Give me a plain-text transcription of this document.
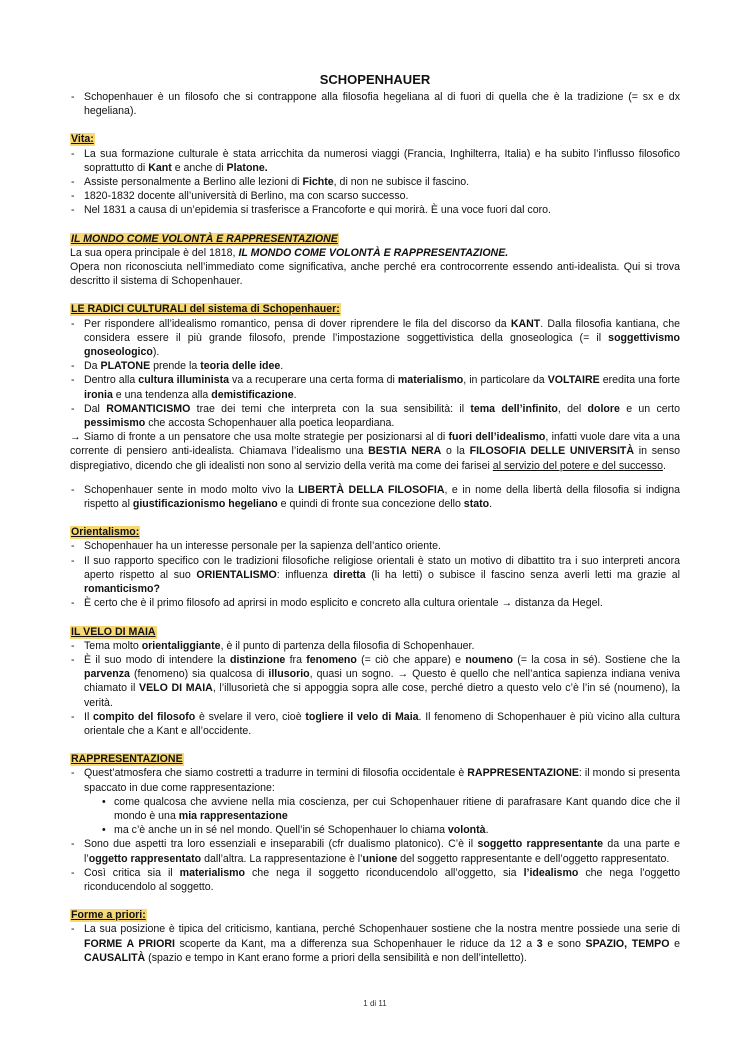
SCHOPENHAUER
- Schopenhauer è un filosofo che si contrappone alla filosofia hegeliana al di fuori di quella che è la tradizione (= sx e dx hegeliana).
Vita:
- La sua formazione culturale è stata arricchita da numerosi viaggi (Francia, Inghilterra, Italia) e ha subito l’influsso filosofico soprattutto di Kant e anche di Platone.
- Assiste personalmente a Berlino alle lezioni di Fichte, di non ne subisce il fascino.
- 1820-1832 docente all’università di Berlino, ma con scarso successo.
- Nel 1831 a causa di un’epidemia si trasferisce a Francoforte e qui morirà. È una voce fuori dal coro.
IL MONDO COME VOLONTÀ E RAPPRESENTAZIONE

La sua opera principale è del 1818, IL MONDO COME VOLONTÀ E RAPPRESENTAZIONE.

Opera non riconosciuta nell’immediato come significativa, anche perché era controcorrente essendo anti-idealista. Qui si trova descritto il sistema di Schopenhauer.

LE RADICI CULTURALI del sistema di Schopenhauer:
- Per rispondere all’idealismo romantico, pensa di dover riprendere le fila del discorso da KANT. Dalla filosofia kantiana, che considera essere il più grande filosofo, prende l’impostazione soggettivistica della gnoseologica (= il soggettivismo gnoseologico).
- Da PLATONE prende la teoria delle idee.
- Dentro alla cultura illuminista va a recuperare una certa forma di materialismo, in particolare da VOLTAIRE eredita una forte ironia e una tendenza alla demistificazione.
- Dal ROMANTICISMO trae dei temi che interpreta con la sua sensibilità: il tema dell’infinito, del dolore e un certo pessimismo che accosta Schopenhauer alla poetica leopardiana.

→ Siamo di fronte a un pensatore che usa molte strategie per posizionarsi al di fuori dell’idealismo, infatti vuole dare vita a una corrente di pensiero anti-idealista. Chiamava l’idealismo una BESTIA NERA o la FILOSOFIA DELLE UNIVERSITÀ in senso dispregiativo, dicendo che gli idealisti non sono al servizio della verità ma come dei farisei al servizio del potere e del successo.

- Schopenhauer sente in modo molto vivo la LIBERTÀ DELLA FILOSOFIA, e in nome della libertà della filosofia si indigna rispetto al giustificazionismo hegeliano e quindi di fronte sua concezione dello stato.
Orientalismo:
- Schopenhauer ha un interesse personale per la sapienza dell’antico oriente.
- Il suo rapporto specifico con le tradizioni filosofiche religiose orientali è stato un motivo di dibattito tra i suo interpreti ancora aperto rispetto al suo ORIENTALISMO: influenza diretta (li ha letti) o subisce il fascino senza averli letti ma grazie al romanticismo?
- È certo che è il primo filosofo ad aprirsi in modo esplicito e concreto alla cultura orientale → distanza da Hegel.
IL VELO DI MAIA
- Tema molto orientaliggiante, è il punto di partenza della filosofia di Schopenhauer.
- È il suo modo di intendere la distinzione fra fenomeno (= ciò che appare) e noumeno (= la cosa in sé). Sostiene che la parvenza (fenomeno) sia qualcosa di illusorio, quasi un sogno. → Questo è quello che nell’antica sapienza indiana veniva chiamato il VELO DI MAIA, l’illusorietà che si appoggia sopra alle cose, perché dietro a questo velo c’è l’in sé (noumeno), la verità.
- Il compito del filosofo è svelare il vero, cioè togliere il velo di Maia. Il fenomeno di Schopenhauer è più vicino alla cultura orientale che a Kant e all’occidente.
RAPPRESENTAZIONE
- Quest’atmosfera che siamo costretti a tradurre in termini di filosofia occidentale è RAPPRESENTAZIONE: il mondo si presenta spaccato in due come rappresentazione:
• come qualcosa che avviene nella mia coscienza, per cui Schopenhauer ritiene di parafrasare Kant quando dice che il mondo è una mia rappresentazione
• ma c’è anche un in sé nel mondo. Quell’in sé Schopenhauer lo chiama volontà.
- Sono due aspetti tra loro essenziali e inseparabili (cfr dualismo platonico). C’è il soggetto rappresentante da una parte e l’oggetto rappresentato dall’altra. La rappresentazione è l’unione del soggetto rappresentante e dell’oggetto rappresentato.
- Così critica sia il materialismo che nega il soggetto riconducendolo all’oggetto, sia l’idealismo che nega l’oggetto riconducendolo al soggetto.
Forme a priori:
- La sua posizione è tipica del criticismo, kantiana, perché Schopenhauer sostiene che la nostra mentre possiede una serie di FORME A PRIORI scoperte da Kant, ma a differenza sua Schopenhauer le riduce da 12 a 3 e sono SPAZIO, TEMPO e CAUSALITÀ (spazio e tempo in Kant erano forme a priori della sensibilità e non dell’intelletto).
1 di 11
